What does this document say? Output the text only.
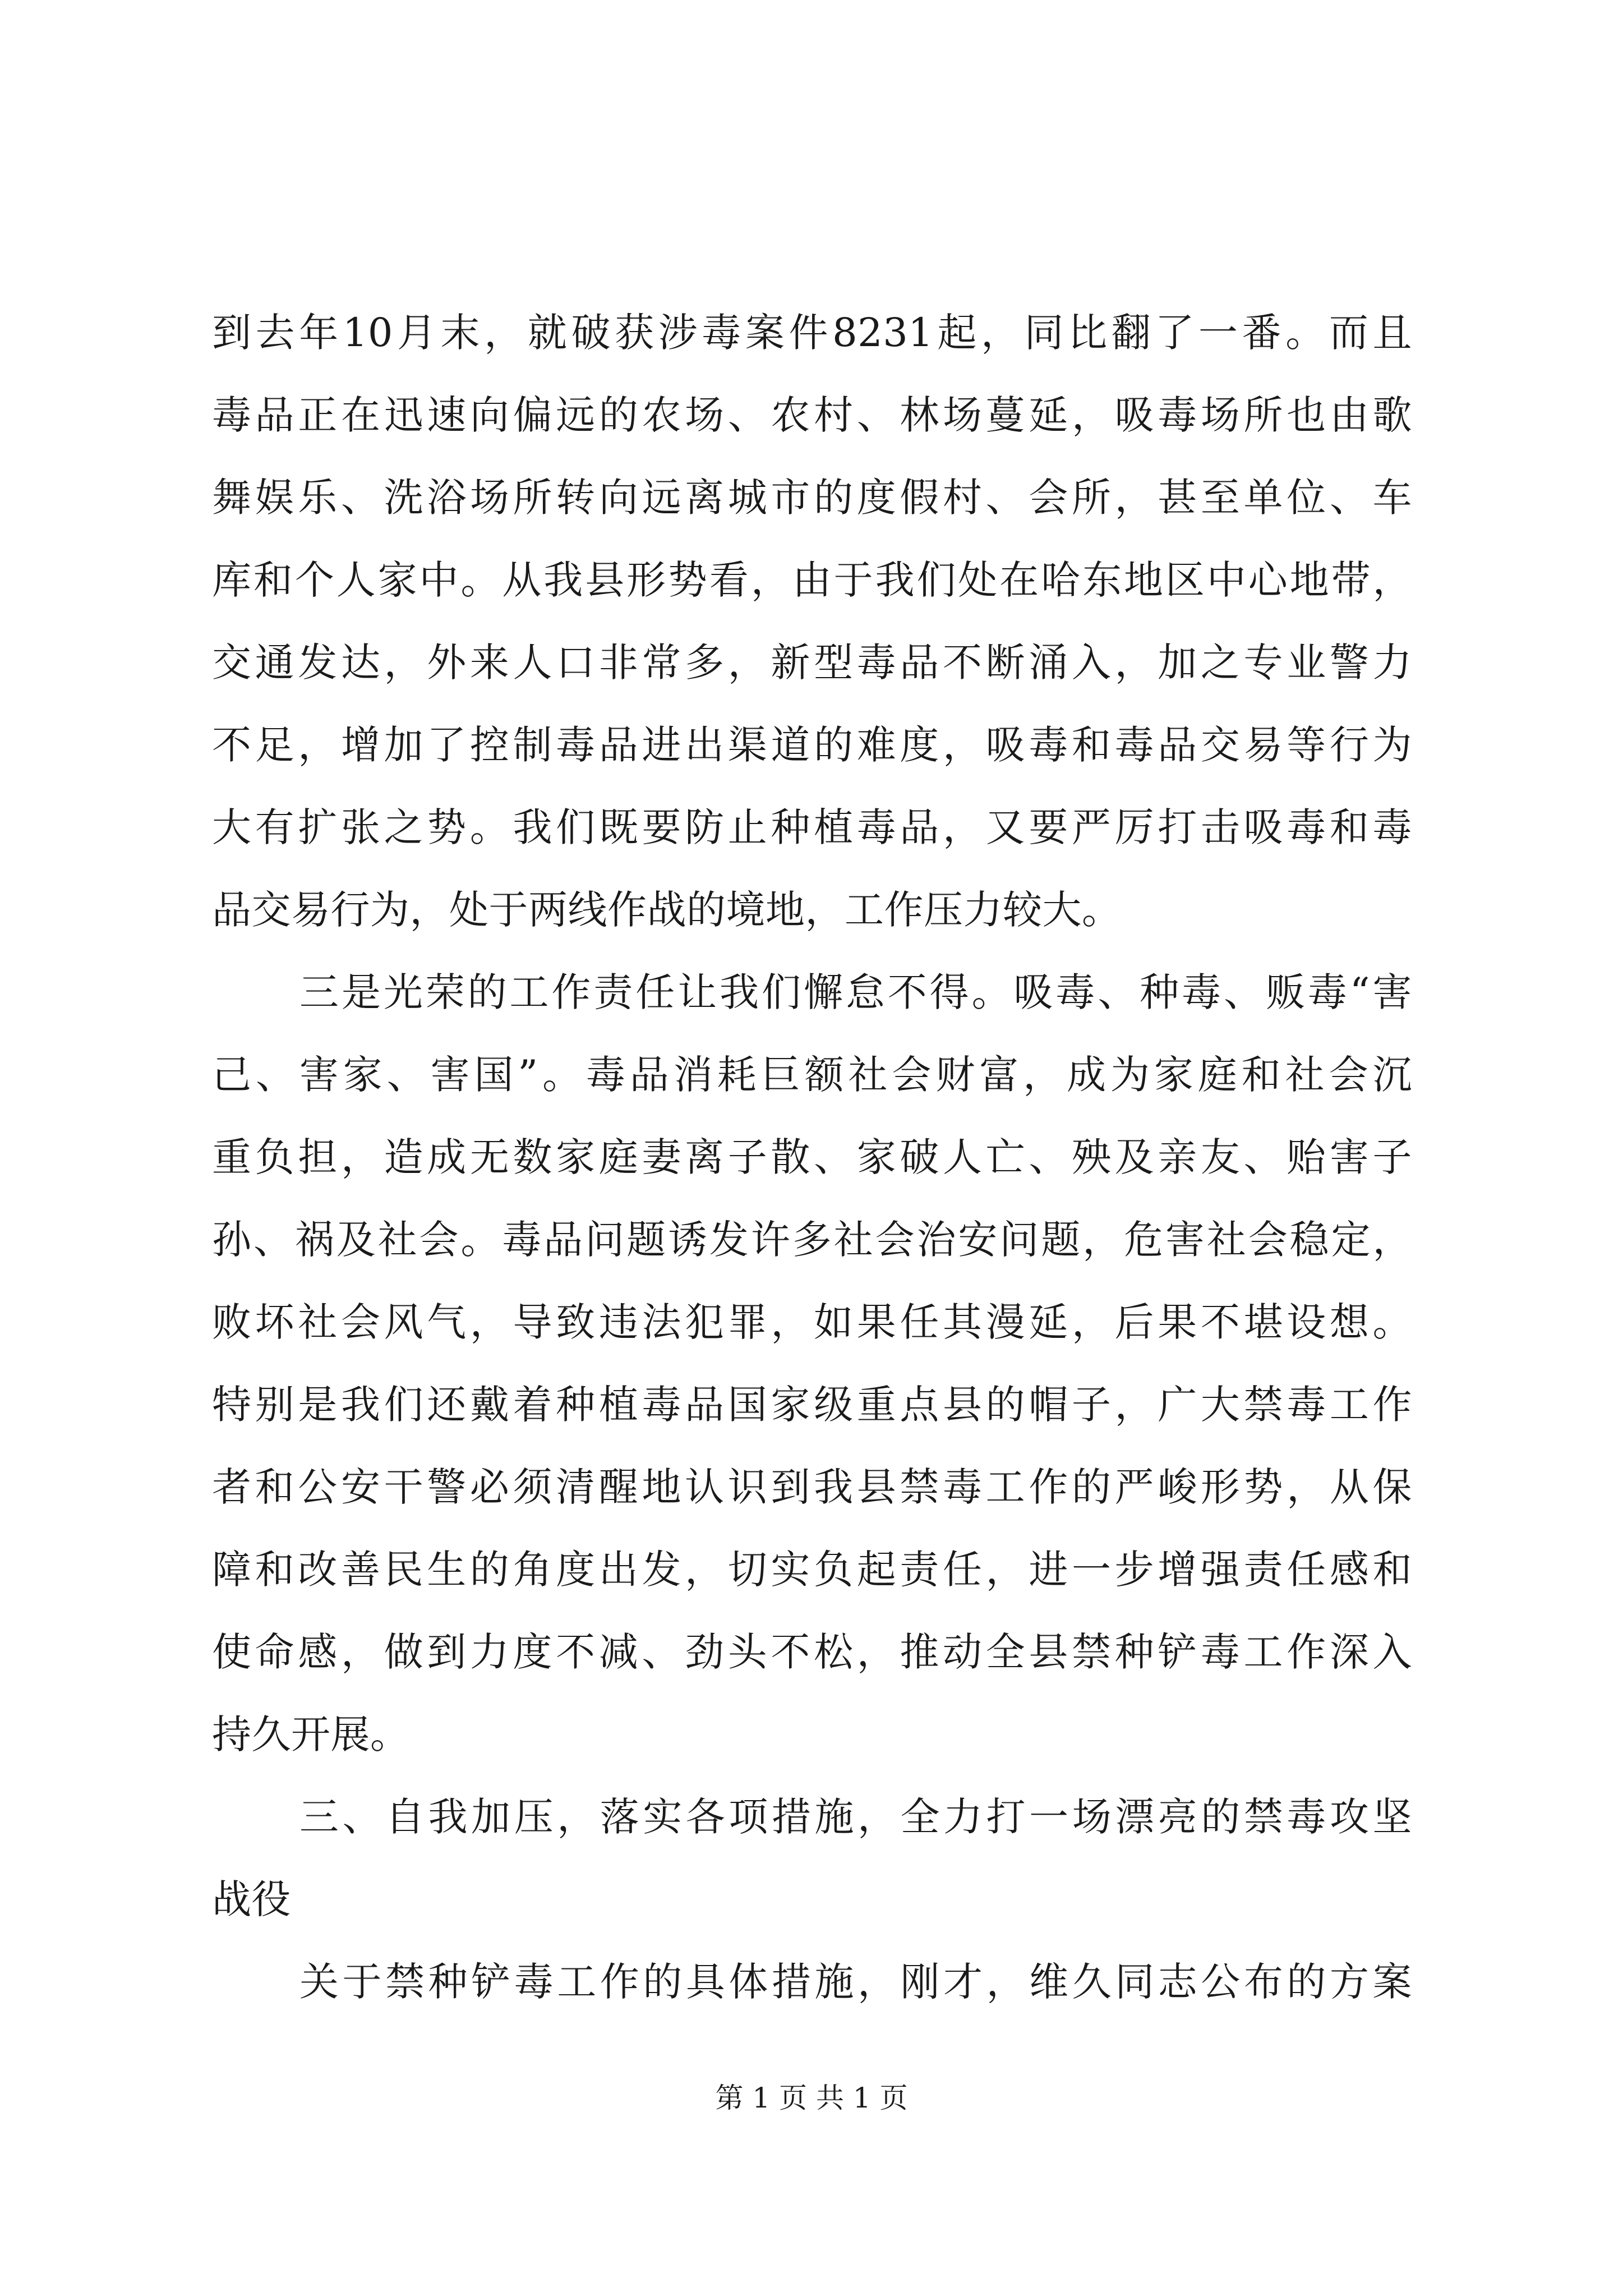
到去年10月末，就破获涉毒案件8231起，同比翻了一番。而且
毒品正在迅速向偏远的农场、农村、林场蔓延，吸毒场所也由歌
舞娱乐、洗浴场所转向远离城市的度假村、会所，甚至单位、车
库和个人家中。从我县形势看，由于我们处在哈东地区中心地带，
交通发达，外来人口非常多，新型毒品不断涌入，加之专业警力
不足，增加了控制毒品进出渠道的难度，吸毒和毒品交易等行为
大有扩张之势。我们既要防止种植毒品，又要严厉打击吸毒和毒
品交易行为，处于两线作战的境地，工作压力较大。
三是光荣的工作责任让我们懈怠不得。吸毒、种毒、贩毒“害
己、害家、害国”。毒品消耗巨额社会财富，成为家庭和社会沉
重负担，造成无数家庭妻离子散、家破人亡、殃及亲友、贻害子
孙、祸及社会。毒品问题诱发许多社会治安问题，危害社会稳定，
败坏社会风气，导致违法犯罪，如果任其漫延，后果不堪设想。
特别是我们还戴着种植毒品国家级重点县的帽子，广大禁毒工作
者和公安干警必须清醒地认识到我县禁毒工作的严峻形势，从保
障和改善民生的角度出发，切实负起责任，进一步增强责任感和
使命感，做到力度不减、劲头不松，推动全县禁种铲毒工作深入
持久开展。
三、自我加压，落实各项措施，全力打一场漂亮的禁毒攻坚
战役
关于禁种铲毒工作的具体措施，刚才，维久同志公布的方案
第 1 页 共 1 页
